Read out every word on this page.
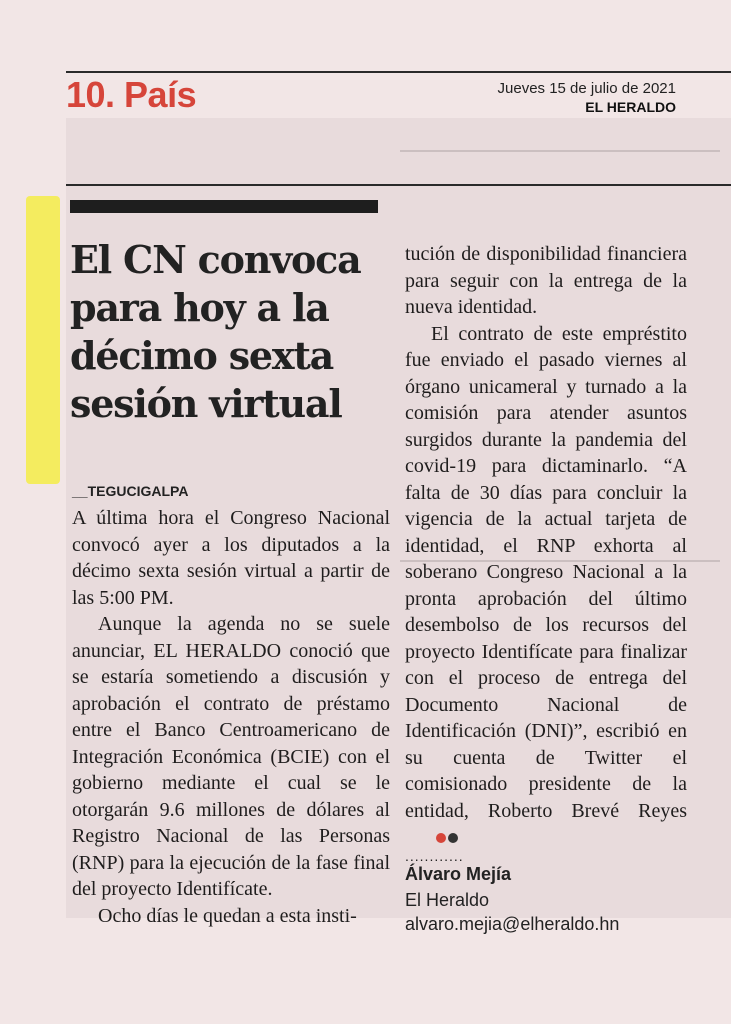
10. País	Jueves 15 de julio de 2021
EL HERALDO
El CN convoca para hoy a la décimo sexta sesión virtual
__TEGUCIGALPA

A última hora el Congreso Nacional convocó ayer a los diputados a la décimo sexta sesión virtual a partir de las 5:00 PM.

Aunque la agenda no se suele anunciar, EL HERALDO conoció que se estaría sometiendo a discusión y aprobación el contrato de préstamo entre el Banco Centroamericano de Integración Económica (BCIE) con el gobierno mediante el cual se le otorgarán 9.6 millones de dólares al Registro Nacional de las Personas (RNP) para la ejecución de la fase final del proyecto Identifícate.

Ocho días le quedan a esta insti-

tución de disponibilidad financiera para seguir con la entrega de la nueva identidad.

El contrato de este empréstito fue enviado el pasado viernes al órgano unicameral y turnado a la comisión para atender asuntos surgidos durante la pandemia del covid-19 para dictaminarlo. “A falta de 30 días para concluir la vigencia de la actual tarjeta de identidad, el RNP exhorta al soberano Congreso Nacional a la pronta aprobación del último desembolso de los recursos del proyecto Identifícate para finalizar con el proceso de entrega del Documento Nacional de Identificación (DNI)”, escribió en su cuenta de Twitter el comisionado presidente de la entidad, Roberto Brevé Reyes

............
Álvaro Mejía
El Heraldo
alvaro.mejia@elheraldo.hn
